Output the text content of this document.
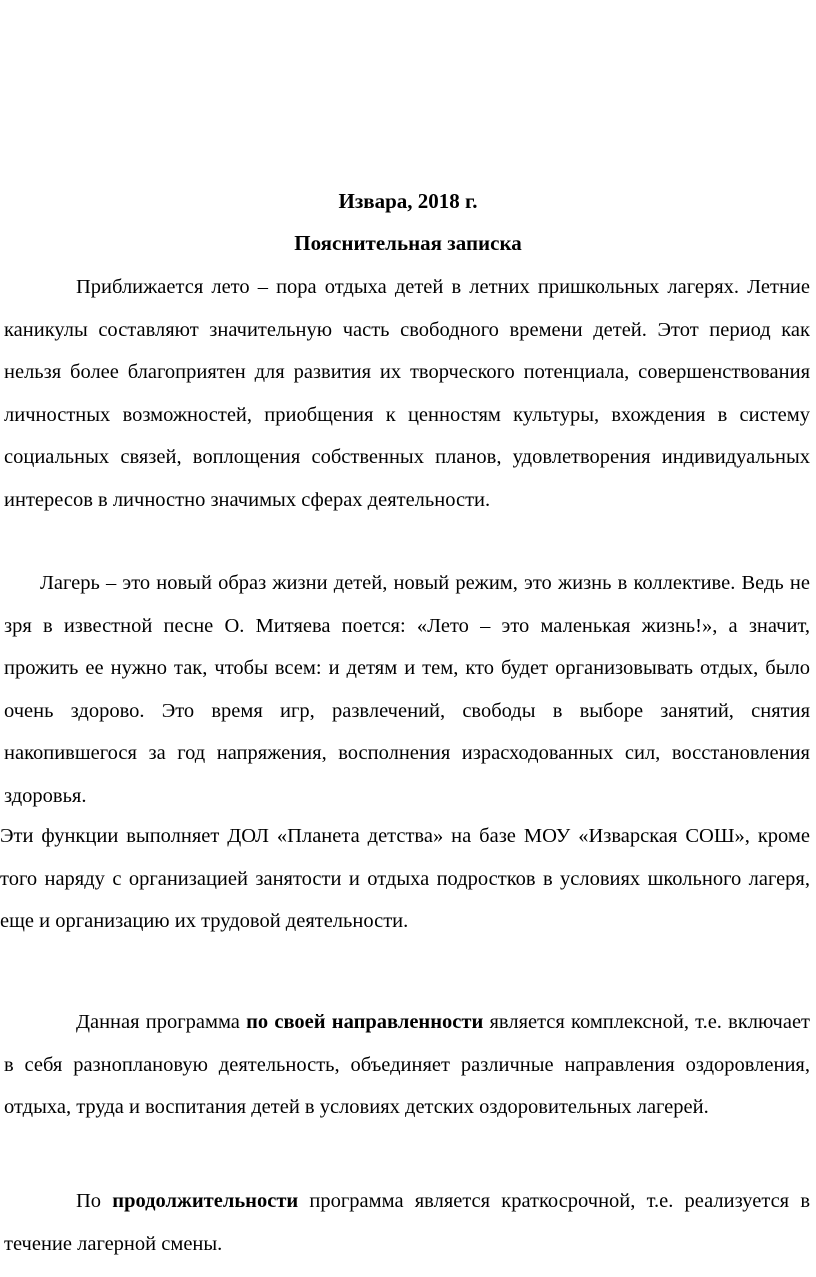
Извара, 2018 г.

Пояснительная записка

Приближается лето – пора отдыха детей в летних пришкольных лагерях. Летние каникулы составляют значительную часть свободного времени детей. Этот период как нельзя более благоприятен для развития их творческого потенциала, совершенствования личностных возможностей, приобщения к ценностям культуры, вхождения в систему социальных связей, воплощения собственных планов, удовлетворения индивидуальных интересов в личностно значимых сферах деятельности.

Лагерь – это новый образ жизни детей, новый режим, это жизнь в коллективе. Ведь не зря в известной песне О. Митяева поется: «Лето – это маленькая жизнь!», а значит, прожить ее нужно так, чтобы всем: и детям и тем, кто будет организовывать отдых, было очень здорово. Это время игр, развлечений, свободы в выборе занятий, снятия накопившегося за год напряжения, восполнения израсходованных сил, восстановления здоровья.

Эти функции выполняет ДОЛ «Планета детства» на базе МОУ «Изварская СОШ», кроме того наряду с организацией занятости и отдыха подростков в условиях школьного лагеря, еще и организацию их трудовой деятельности.

Данная программа по своей направленности является комплексной, т.е. включает в себя разноплановую деятельность, объединяет различные направления оздоровления, отдыха, труда и воспитания детей в условиях детских оздоровительных лагерей.

По продолжительности программа является краткосрочной, т.е. реализуется в течение лагерной смены.
